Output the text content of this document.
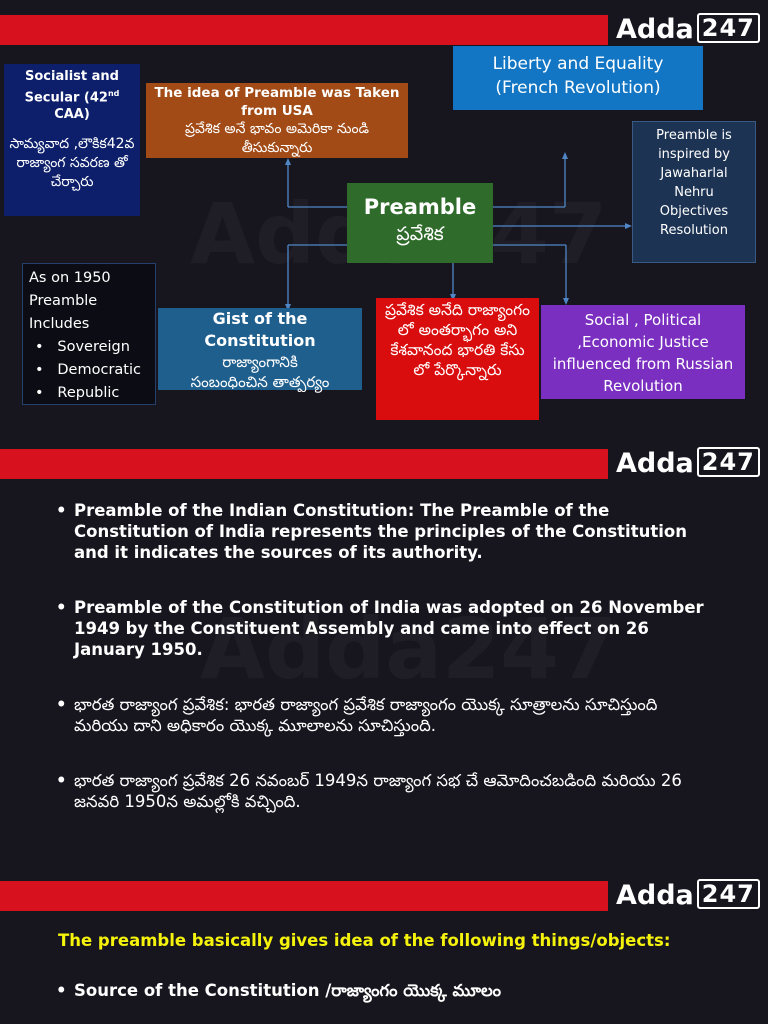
Adda 247
Socialist and Secular (42nd
CAA)
సామ్యవాద ,లౌకిక42వ రాజ్యాంగ సవరణ తో చేర్చారు
The idea of Preamble was Taken from USA
ప్రవేశిక అనే భావం అమెరికా నుండి తీసుకున్నారు
Liberty and Equality
(French Revolution)
Preamble is inspired by Jawaharlal Nehru Objectives Resolution
Preamble
ప్రవేశిక
As on 1950 Preamble Includes
•   Sovereign
•   Democratic
•   Republic
Gist of the Constitution
రాజ్యాంగానికి సంబంధించిన తాత్పర్యం
ప్రవేశిక అనేది రాజ్యాంగం లో అంతర్భాగం అని కేశవానంద భారతి కేసు లో పేర్కొన్నారు
Social , Political ,Economic Justice influenced from Russian Revolution
Adda 247
• Preamble of the Indian Constitution: The Preamble of the Constitution of India represents the principles of the Constitution and it indicates the sources of its authority.
• Preamble of the Constitution of India was adopted on 26 November 1949 by the Constituent Assembly and came into effect on 26 January 1950.
• భారత రాజ్యాంగ ప్రవేశిక: భారత రాజ్యాంగ ప్రవేశిక రాజ్యాంగం యొక్క సూత్రాలను సూచిస్తుంది మరియు దాని అధికారం యొక్క మూలాలను సూచిస్తుంది.
• భారత రాజ్యాంగ ప్రవేశిక 26 నవంబర్ 1949న రాజ్యాంగ సభ చే ఆమోదించబడింది మరియు 26 జనవరి 1950న అమల్లోకి వచ్చింది.
Adda 247
The preamble basically gives idea of the following things/objects:
• Source of the Constitution /రాజ్యాంగం యొక్క మూలం
